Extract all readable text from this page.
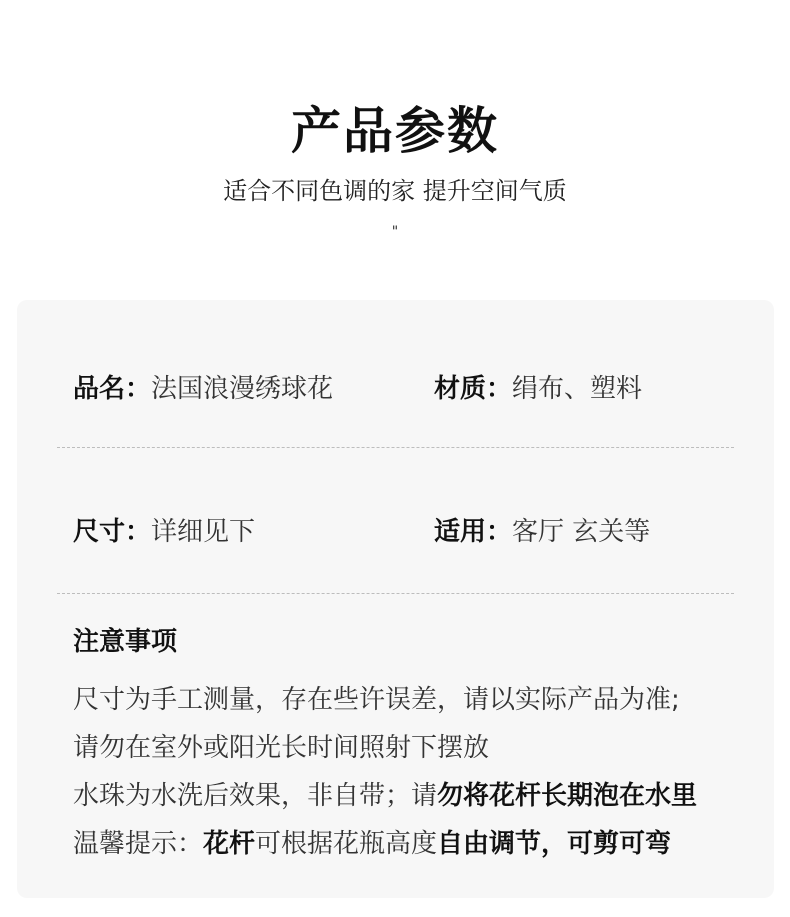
产品参数
适合不同色调的家 提升空间气质
"
品名：法国浪漫绣球花	材质：绢布、塑料
尺寸：详细见下	适用：客厅 玄关等
注意事项
尺寸为手工测量，存在些许误差，请以实际产品为准;
请勿在室外或阳光长时间照射下摆放
水珠为水洗后效果，非自带；请勿将花杆长期泡在水里
温馨提示：花杆可根据花瓶高度自由调节，可剪可弯
